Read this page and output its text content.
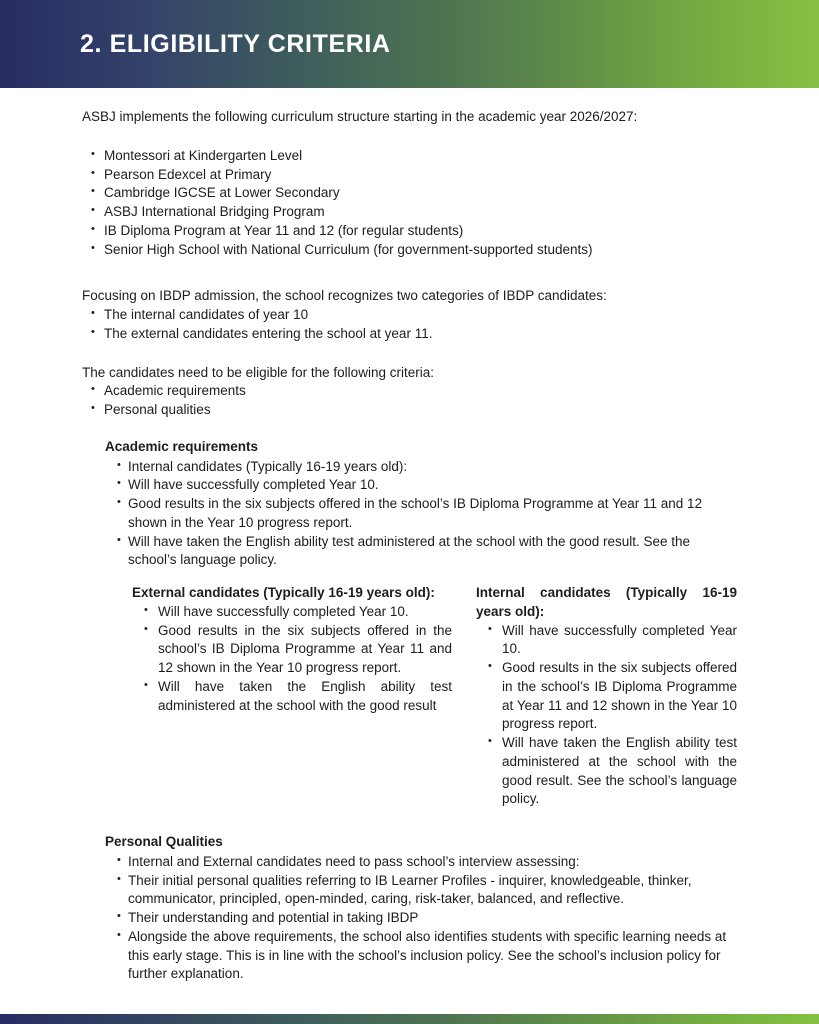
2. ELIGIBILITY CRITERIA

ASBJ implements the following curriculum structure starting in the academic year 2026/2027:

• Montessori at Kindergarten Level
• Pearson Edexcel at Primary
• Cambridge IGCSE at Lower Secondary
• ASBJ International Bridging Program
• IB Diploma Program at Year 11 and 12 (for regular students)
• Senior High School with National Curriculum (for government-supported students)

Focusing on IBDP admission, the school recognizes two categories of IBDP candidates:

• The internal candidates of year 10
• The external candidates entering the school at year 11.

The candidates need to be eligible for the following criteria:

• Academic requirements
• Personal qualities

Academic requirements

• Internal candidates (Typically 16-19 years old):
• Will have successfully completed Year 10.
• Good results in the six subjects offered in the school’s IB Diploma Programme at Year 11 and 12 shown in the Year 10 progress report.
• Will have taken the English ability test administered at the school with the good result. See the school’s language policy.

External candidates (Typically 16-19 years old):

• Will have successfully completed Year 10.
• Good results in the six subjects offered in the school’s IB Diploma Programme at Year 11 and 12 shown in the Year 10 progress report.
• Will have taken the English ability test administered at the school with the good result

Internal candidates (Typically 16-19 years old):

• Will have successfully completed Year 10.
• Good results in the six subjects offered in the school’s IB Diploma Programme at Year 11 and 12 shown in the Year 10 progress report.
• Will have taken the English ability test administered at the school with the good result. See the school’s language policy.

Personal Qualities

• Internal and External candidates need to pass school’s interview assessing:
• Their initial personal qualities referring to IB Learner Profiles - inquirer, knowledgeable, thinker, communicator, principled, open-minded, caring, risk-taker, balanced, and reflective.
• Their understanding and potential in taking IBDP
• Alongside the above requirements, the school also identifies students with specific learning needs at this early stage. This is in line with the school’s inclusion policy. See the school’s inclusion policy for further explanation.
